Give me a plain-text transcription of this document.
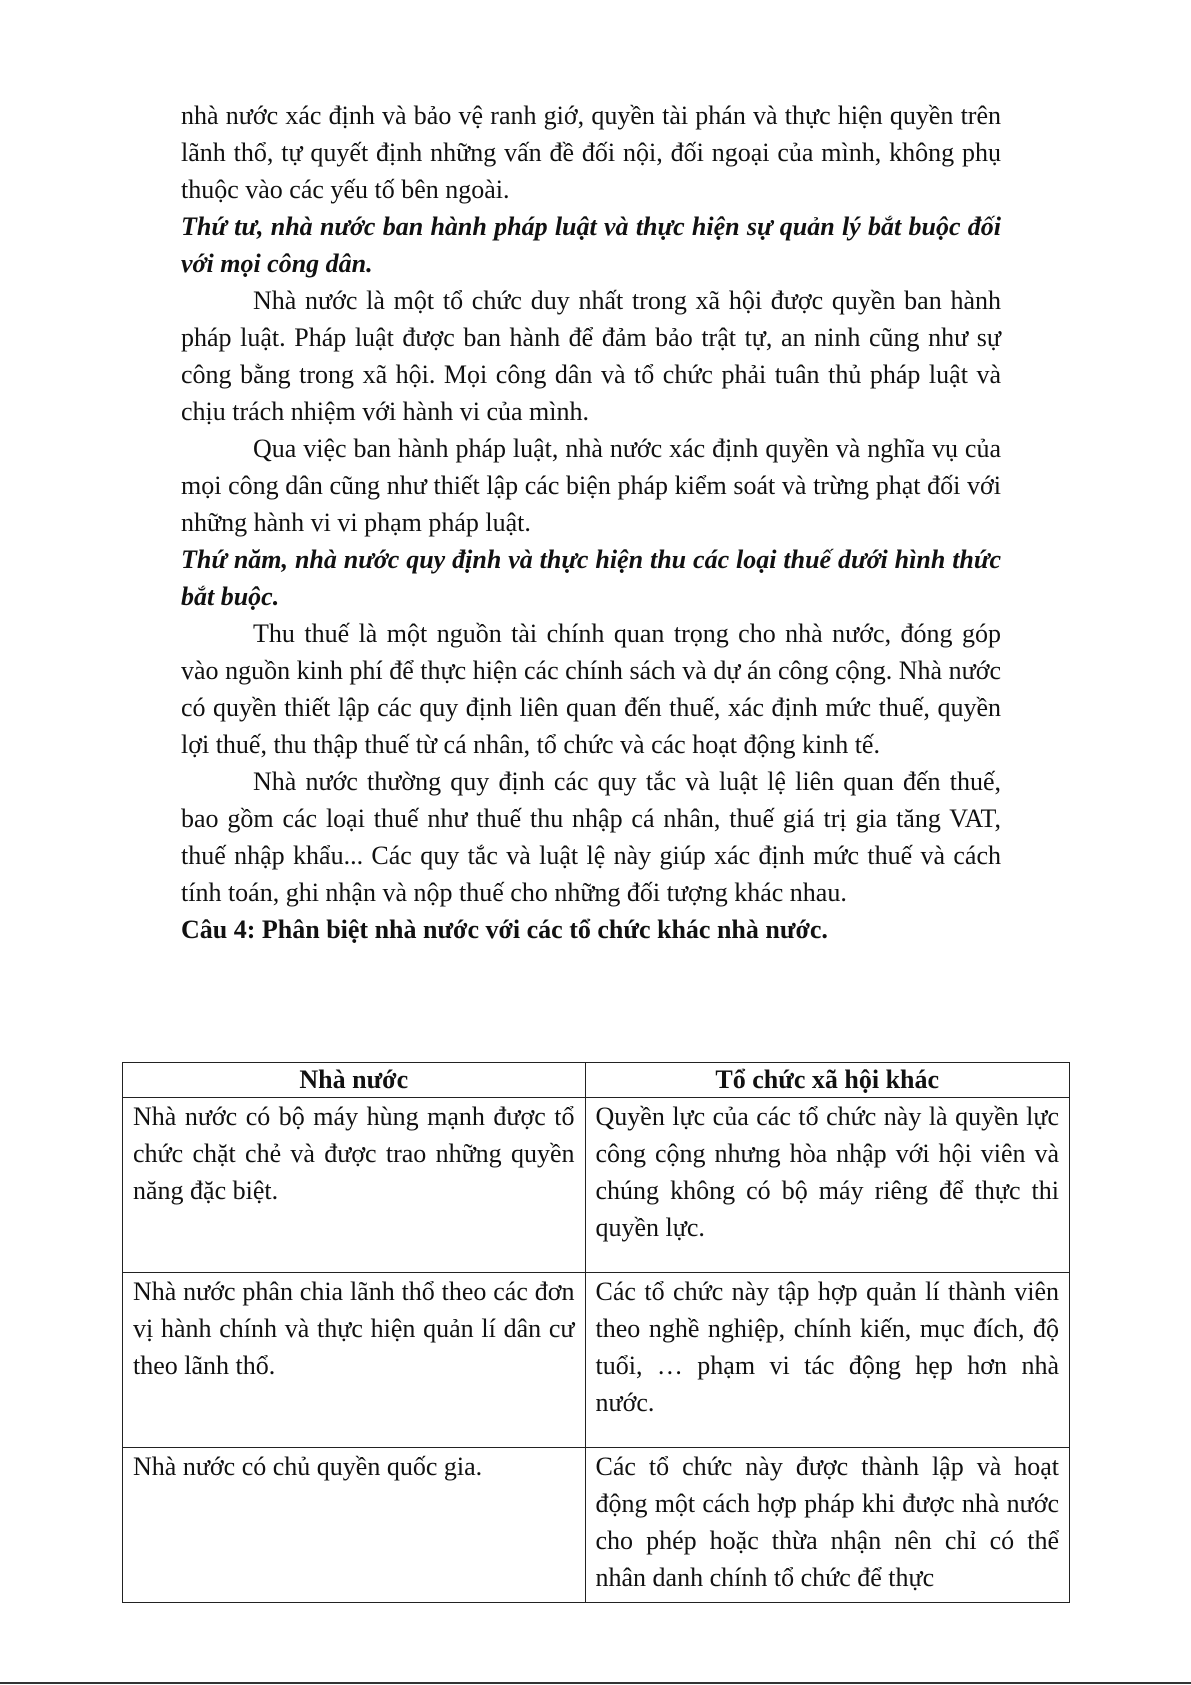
nhà nước xác định và bảo vệ ranh giớ, quyền tài phán và thực hiện quyền trên lãnh thổ, tự quyết định những vấn đề đối nội, đối ngoại của mình, không phụ thuộc vào các yếu tố bên ngoài.

Thứ tư, nhà nước ban hành pháp luật và thực hiện sự quản lý bắt buộc đối với mọi công dân.

Nhà nước là một tổ chức duy nhất trong xã hội được quyền ban hành pháp luật. Pháp luật được ban hành để đảm bảo trật tự, an ninh cũng như sự công bằng trong xã hội. Mọi công dân và tổ chức phải tuân thủ pháp luật và chịu trách nhiệm với hành vi của mình.

Qua việc ban hành pháp luật, nhà nước xác định quyền và nghĩa vụ của mọi công dân cũng như thiết lập các biện pháp kiểm soát và trừng phạt đối với những hành vi vi phạm pháp luật.

Thứ năm, nhà nước quy định và thực hiện thu các loại thuế dưới hình thức bắt buộc.

Thu thuế là một nguồn tài chính quan trọng cho nhà nước, đóng góp vào nguồn kinh phí để thực hiện các chính sách và dự án công cộng. Nhà nước có quyền thiết lập các quy định liên quan đến thuế, xác định mức thuế, quyền lợi thuế, thu thập thuế từ cá nhân, tổ chức và các hoạt động kinh tế.

Nhà nước thường quy định các quy tắc và luật lệ liên quan đến thuế, bao gồm các loại thuế như thuế thu nhập cá nhân, thuế giá trị gia tăng VAT, thuế nhập khẩu... Các quy tắc và luật lệ này giúp xác định mức thuế và cách tính toán, ghi nhận và nộp thuế cho những đối tượng khác nhau.

Câu 4: Phân biệt nhà nước với các tổ chức khác nhà nước.

Nhà nước	Tổ chức xã hội khác
Nhà nước có bộ máy hùng mạnh được tổ chức chặt chẻ và được trao những quyền năng đặc biệt.	Quyền lực của các tổ chức này là quyền lực công cộng nhưng hòa nhập với hội viên và chúng không có bộ máy riêng để thực thi quyền lực.
Nhà nước phân chia lãnh thổ theo các đơn vị hành chính và thực hiện quản lí dân cư theo lãnh thổ.	Các tổ chức này tập hợp quản lí thành viên theo nghề nghiệp, chính kiến, mục đích, độ tuổi, … phạm vi tác động hẹp hơn nhà nước.
Nhà nước có chủ quyền quốc gia.	Các tổ chức này được thành lập và hoạt động một cách hợp pháp khi được nhà nước cho phép hoặc thừa nhận nên chỉ có thể nhân danh chính tổ chức để thực
